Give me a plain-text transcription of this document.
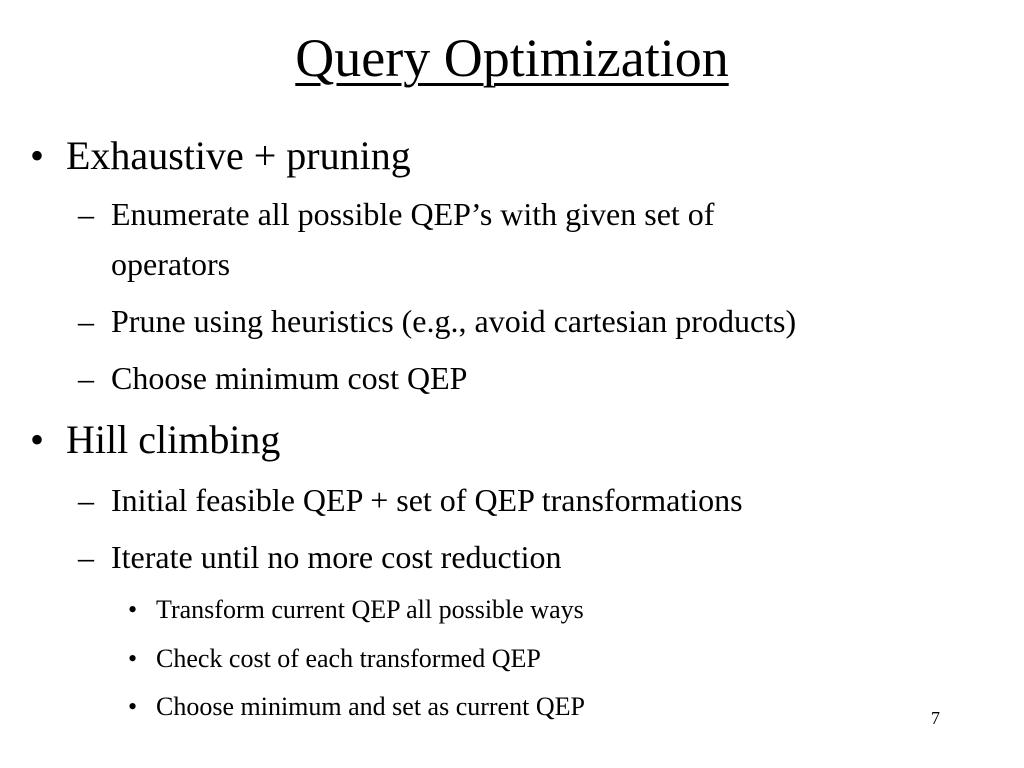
Query Optimization
• Exhaustive + pruning
– Enumerate all possible QEP’s with given set of
operators
– Prune using heuristics (e.g., avoid cartesian products)
– Choose minimum cost QEP
• Hill climbing
– Initial feasible QEP + set of QEP transformations
– Iterate until no more cost reduction
• Transform current QEP all possible ways
• Check cost of each transformed QEP
• Choose minimum and set as current QEP	7
